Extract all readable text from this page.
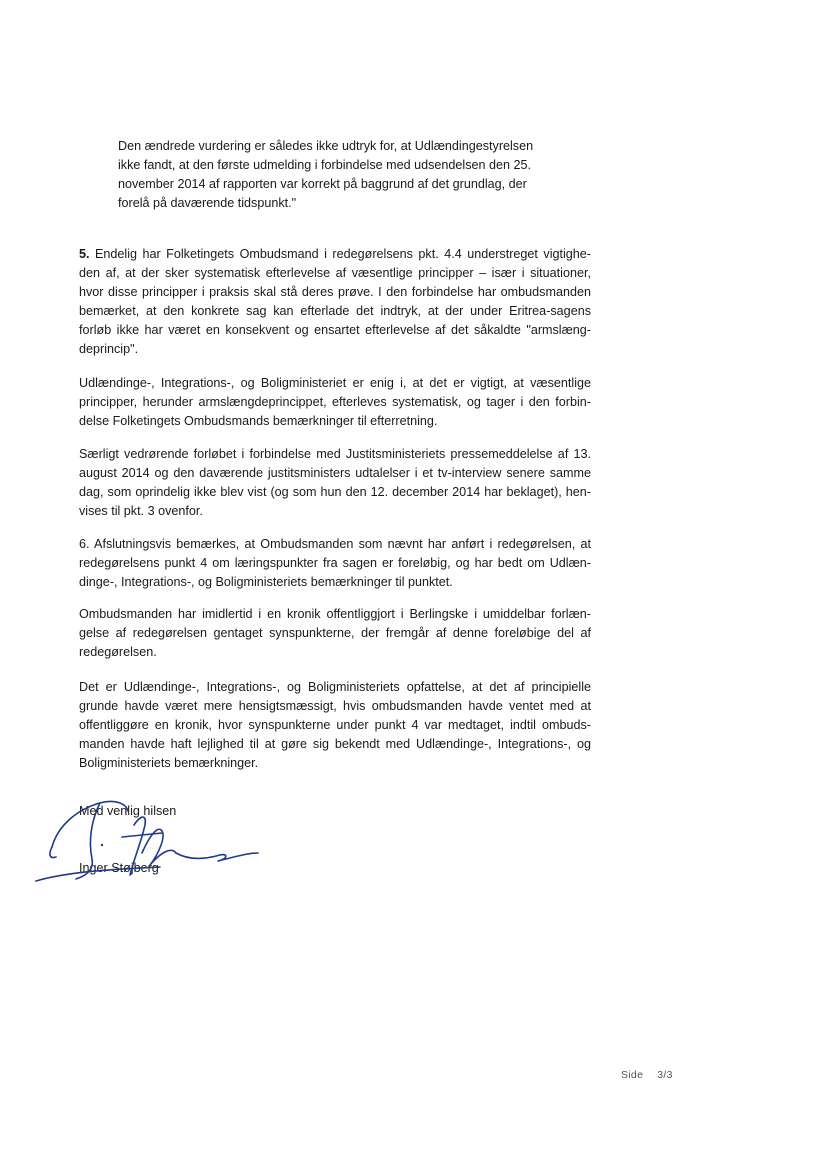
Den ændrede vurdering er således ikke udtryk for, at Udlændingestyrelsen
ikke fandt, at den første udmelding i forbindelse med udsendelsen den 25.
november 2014 af rapporten var korrekt på baggrund af det grundlag, der
forelå på daværende tidspunkt."
5. Endelig har Folketingets Ombudsmand i redegørelsens pkt. 4.4 understreget vigtighe-
den af, at der sker systematisk efterlevelse af væsentlige principper – især i situationer,
hvor disse principper i praksis skal stå deres prøve. I den forbindelse har ombudsmanden
bemærket, at den konkrete sag kan efterlade det indtryk, at der under Eritrea-sagens
forløb ikke har været en konsekvent og ensartet efterlevelse af det såkaldte "armslæng-
deprincip".
Udlændinge-, Integrations-, og Boligministeriet er enig i, at det er vigtigt, at væsentlige
principper, herunder armslængdeprincippet, efterleves systematisk, og tager i den forbin-
delse Folketingets Ombudsmands bemærkninger til efterretning.
Særligt vedrørende forløbet i forbindelse med Justitsministeriets pressemeddelelse af 13.
august 2014 og den daværende justitsministers udtalelser i et tv-interview senere samme
dag, som oprindelig ikke blev vist (og som hun den 12. december 2014 har beklaget), hen-
vises til pkt. 3 ovenfor.
6. Afslutningsvis bemærkes, at Ombudsmanden som nævnt har anført i redegørelsen, at
redegørelsens punkt 4 om læringspunkter fra sagen er foreløbig, og har bedt om Udlæn-
dinge-, Integrations-, og Boligministeriets bemærkninger til punktet.
Ombudsmanden har imidlertid i en kronik offentliggjort i Berlingske i umiddelbar forlæn-
gelse af redegørelsen gentaget synspunkterne, der fremgår af denne foreløbige del af
redegørelsen.
Det er Udlændinge-, Integrations-, og Boligministeriets opfattelse, at det af principielle
grunde havde været mere hensigtsmæssigt, hvis ombudsmanden havde ventet med at
offentliggøre en kronik, hvor synspunkterne under punkt 4 var medtaget, indtil ombuds-
manden havde haft lejlighed til at gøre sig bekendt med Udlændinge-, Integrations-, og
Boligministeriets bemærkninger.
Med venlig hilsen
Inger Støjberg
Side 3/3
